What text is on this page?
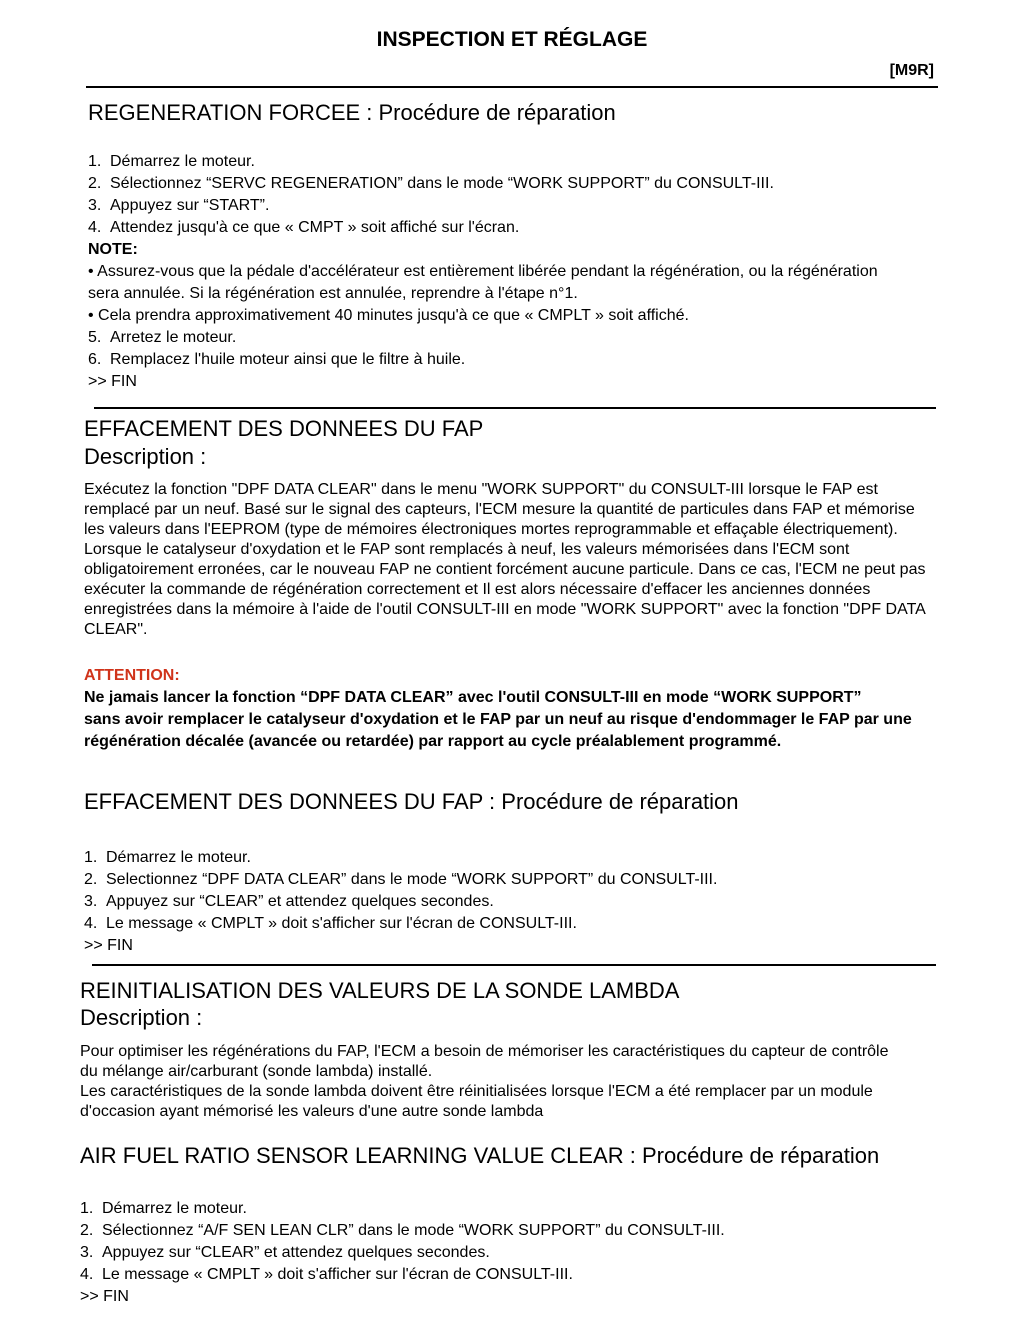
INSPECTION ET RÉGLAGE
[M9R]
REGENERATION FORCEE : Procédure de réparation
1. Démarrez le moteur.
2. Sélectionnez “SERVC REGENERATION” dans le mode “WORK SUPPORT” du CONSULT-III.
3. Appuyez sur “START”.
4. Attendez jusqu'à ce que « CMPT » soit affiché sur l'écran.
NOTE:
• Assurez-vous que la pédale d'accélérateur est entièrement libérée pendant la régénération, ou la régénération
sera annulée. Si la régénération est annulée, reprendre à l'étape n°1.
• Cela prendra approximativement 40 minutes jusqu'à ce que « CMPLT » soit affiché.
5. Arretez le moteur.
6. Remplacez l'huile moteur ainsi que le filtre à huile.
>> FIN
EFFACEMENT DES DONNEES DU FAP
Description :

Exécutez la fonction "DPF DATA CLEAR" dans le menu "WORK SUPPORT" du CONSULT-III lorsque le FAP est

remplacé par un neuf. Basé sur le signal des capteurs, l'ECM mesure la quantité de particules dans FAP et mémorise

les valeurs dans l'EEPROM (type de mémoires électroniques mortes reprogrammable et effaçable électriquement).

Lorsque le catalyseur d'oxydation et le FAP sont remplacés à neuf, les valeurs mémorisées dans l'ECM sont

obligatoirement erronées, car le nouveau FAP ne contient forcément aucune particule. Dans ce cas, l'ECM ne peut pas

exécuter la commande de régénération correctement et Il est alors nécessaire d'effacer les anciennes données

enregistrées dans la mémoire à l'aide de l'outil CONSULT-III en mode "WORK SUPPORT" avec la fonction "DPF DATA

CLEAR".

ATTENTION:
Ne jamais lancer la fonction “DPF DATA CLEAR” avec l'outil CONSULT-III en mode “WORK SUPPORT”
sans avoir remplacer le catalyseur d'oxydation et le FAP par un neuf au risque d'endommager le FAP par une
régénération décalée (avancée ou retardée) par rapport au cycle préalablement programmé.
EFFACEMENT DES DONNEES DU FAP : Procédure de réparation
1. Démarrez le moteur.
2. Selectionnez “DPF DATA CLEAR” dans le mode “WORK SUPPORT” du CONSULT-III.
3. Appuyez sur “CLEAR” et attendez quelques secondes.
4. Le message « CMPLT » doit s'afficher sur l'écran de CONSULT-III.
>> FIN
REINITIALISATION DES VALEURS DE LA SONDE LAMBDA
Description :

Pour optimiser les régénérations du FAP, l'ECM a besoin de mémoriser les caractéristiques du capteur de contrôle

du mélange air/carburant (sonde lambda) installé.

Les caractéristiques de la sonde lambda doivent être réinitialisées lorsque l'ECM a été remplacer par un module

d'occasion ayant mémorisé les valeurs d'une autre sonde lambda

AIR FUEL RATIO SENSOR LEARNING VALUE CLEAR : Procédure de réparation
1. Démarrez le moteur.
2. Sélectionnez “A/F SEN LEAN CLR” dans le mode “WORK SUPPORT” du CONSULT-III.
3. Appuyez sur “CLEAR” et attendez quelques secondes.
4. Le message « CMPLT » doit s'afficher sur l'écran de CONSULT-III.
>> FIN
